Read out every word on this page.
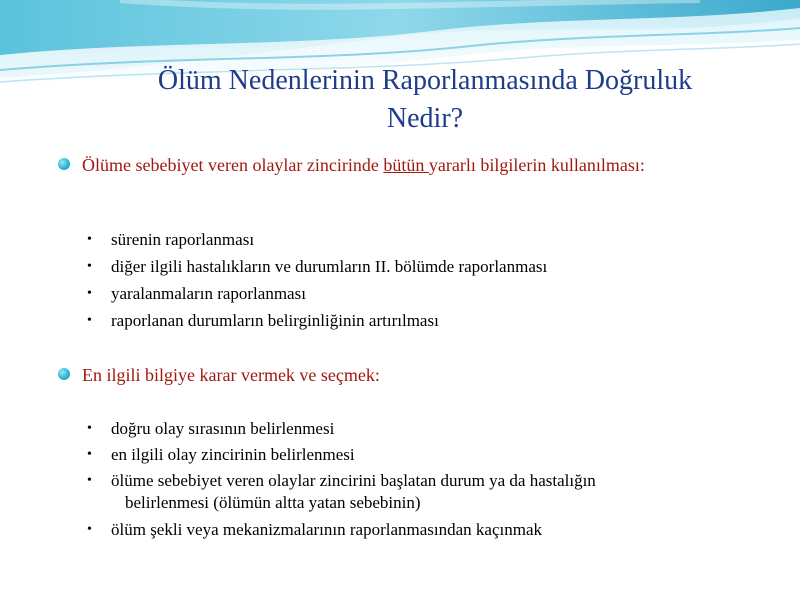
Ölüm Nedenlerinin Raporlanmasında Doğruluk
Nedir?
Ölüme sebebiyet veren olaylar zincirinde bütün yararlı bilgilerin kullanılması:
• sürenin raporlanması
• diğer ilgili hastalıkların ve durumların II. bölümde raporlanması
• yaralanmaların raporlanması
• raporlanan durumların belirginliğinin artırılması
En ilgili bilgiye karar vermek ve seçmek:
• doğru olay sırasının belirlenmesi
• en ilgili olay zincirinin belirlenmesi
• ölüme sebebiyet veren olaylar zincirini başlatan durum ya da hastalığın
belirlenmesi (ölümün altta yatan sebebinin)
• ölüm şekli veya mekanizmalarının raporlanmasından kaçınmak
